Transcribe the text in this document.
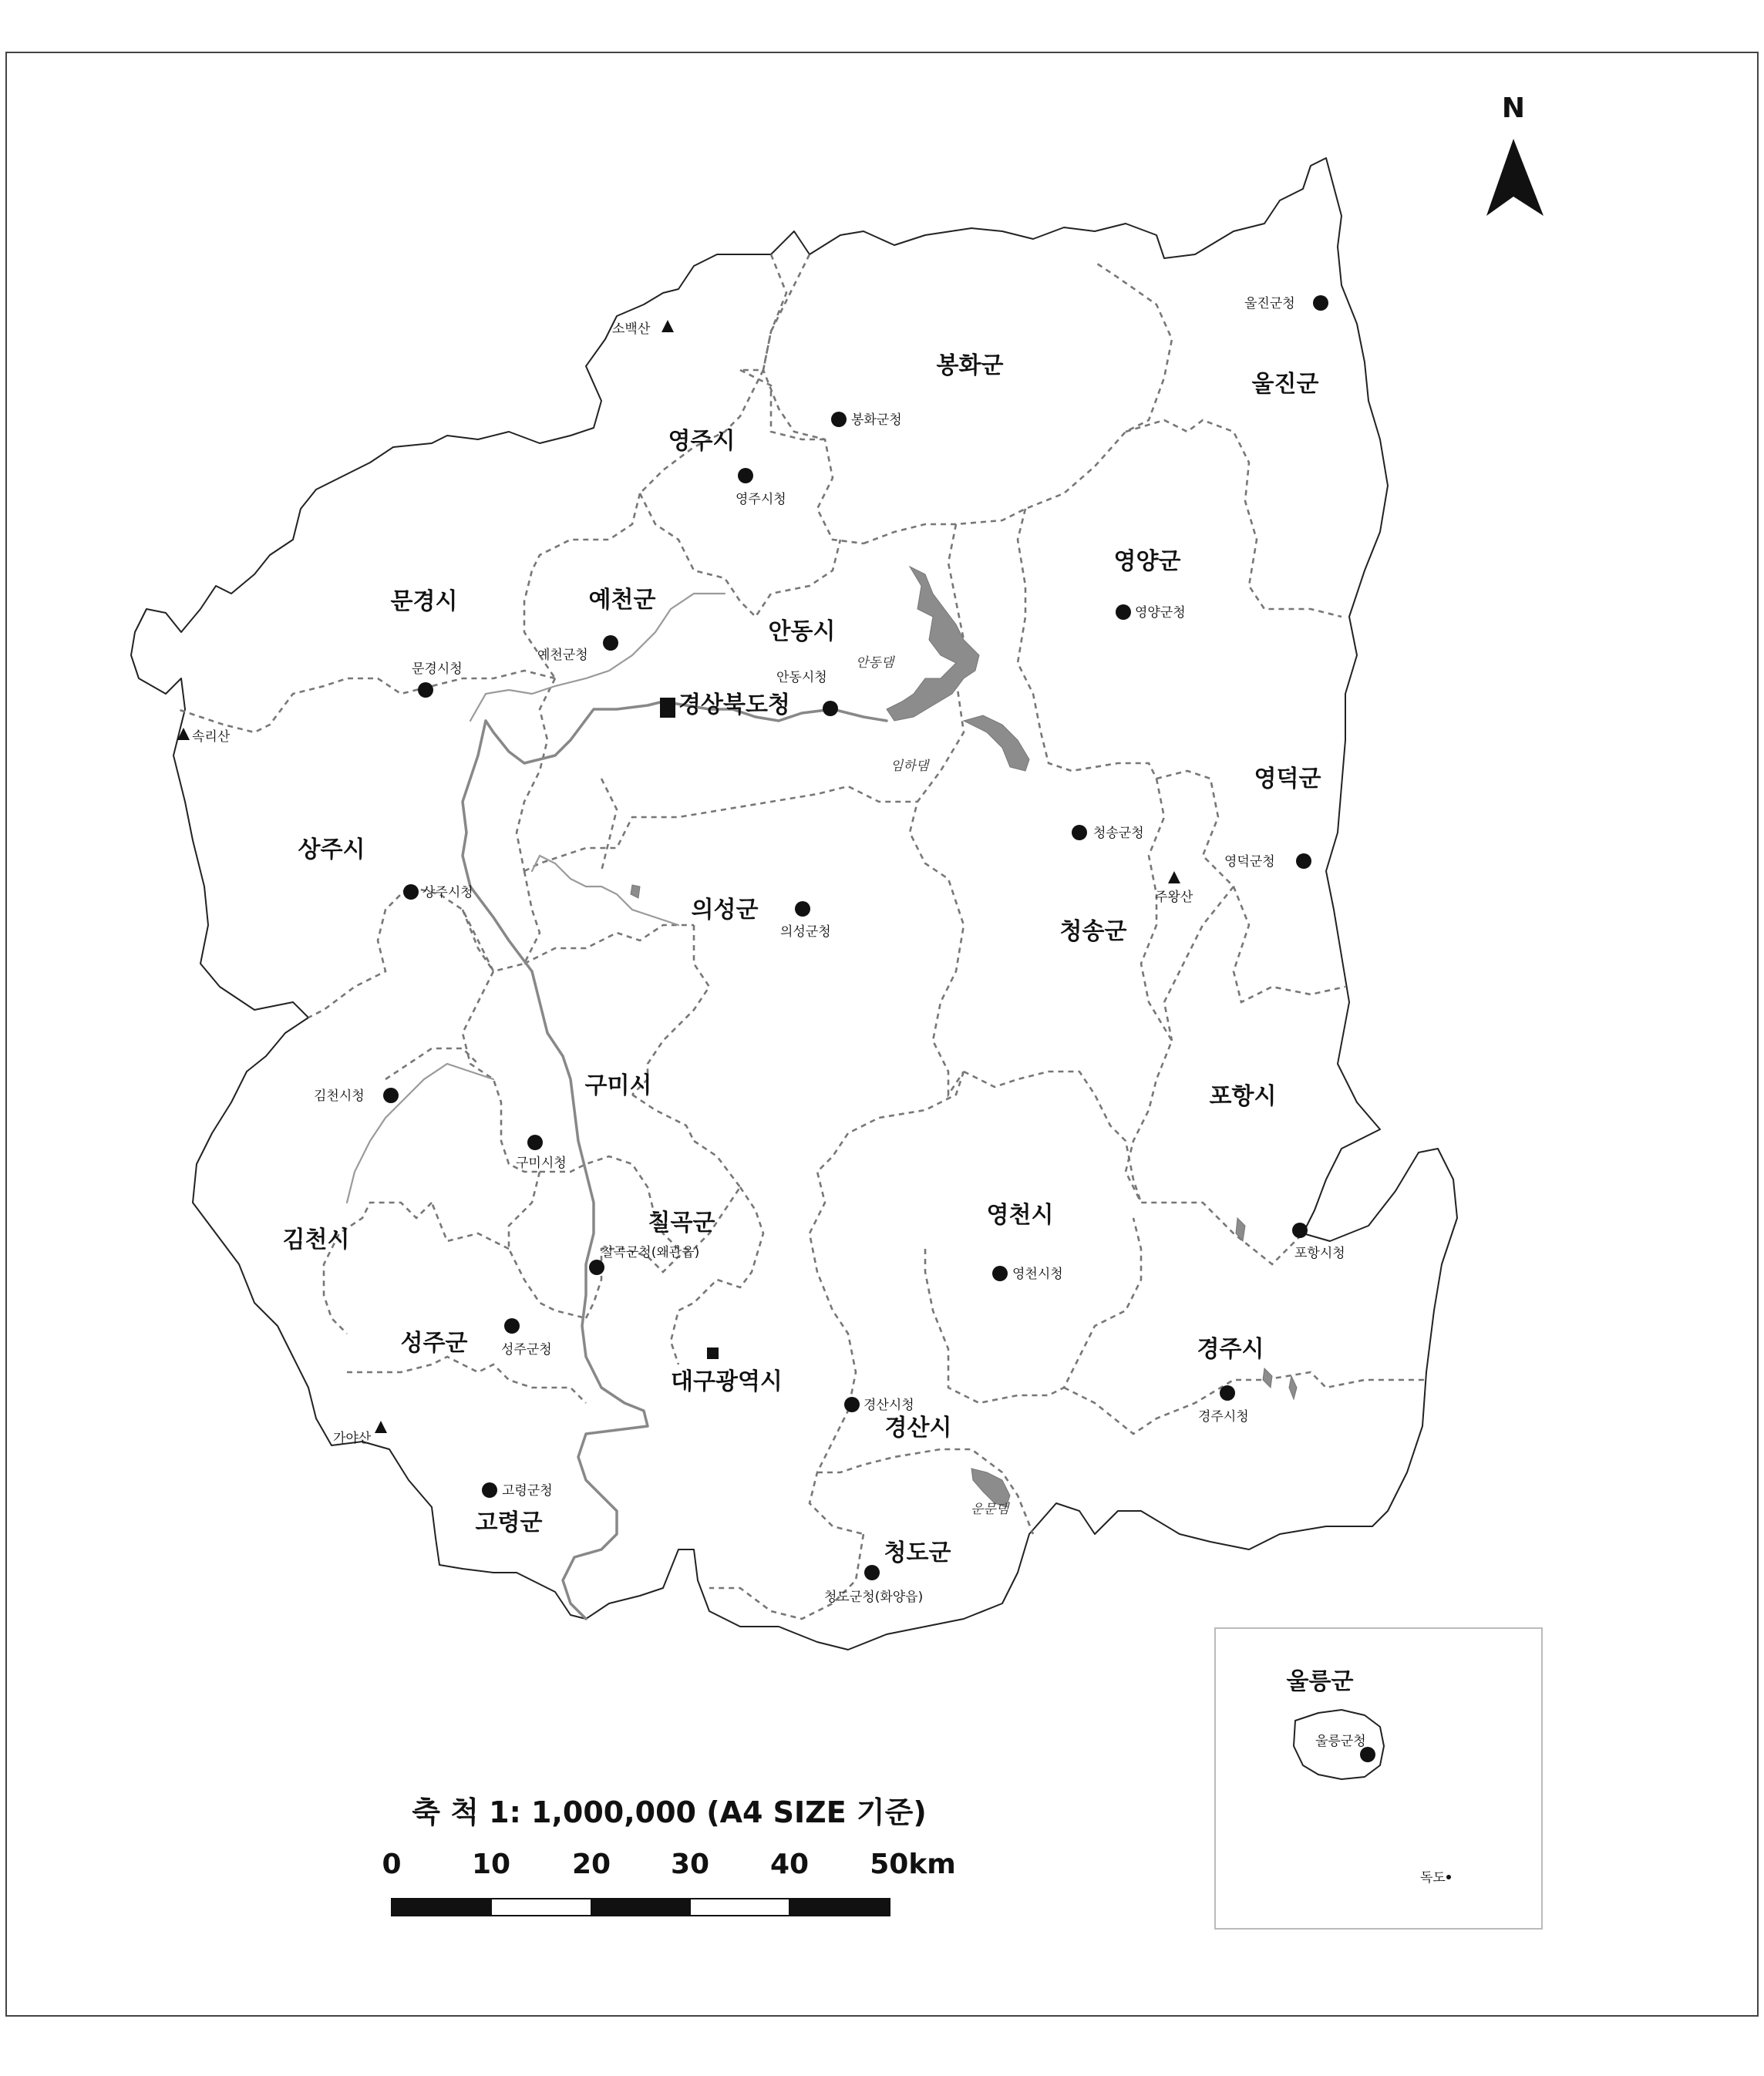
N
봉화군
울진군
영주시
영양군
문경시	예천군
안동시
영덕군
상주시
청송군
의성군
구미시
김천시
포항시
칠곡군	영천시
성주군	경주시
경산시
고령군
청도군
봉화군청
울진군청
영주시청
영양군청
문경시청
예천군청
안동시청
영덕군청
상주시청
청송군청
의성군청
구미시청
김천시청
포항시청
칠곡군청(왜관읍)
영천시청
성주군청
경주시청
경산시청
고령군청
청도군청(화양읍)
경상북도청
대구광역시
소백산
속리산
주왕산
가야산
안동댐
임하댐
운문댐
울릉군
울릉군청
독도
축 척 1: 1,000,000 (A4 SIZE 기준)
0	10 20 30 40 50km
